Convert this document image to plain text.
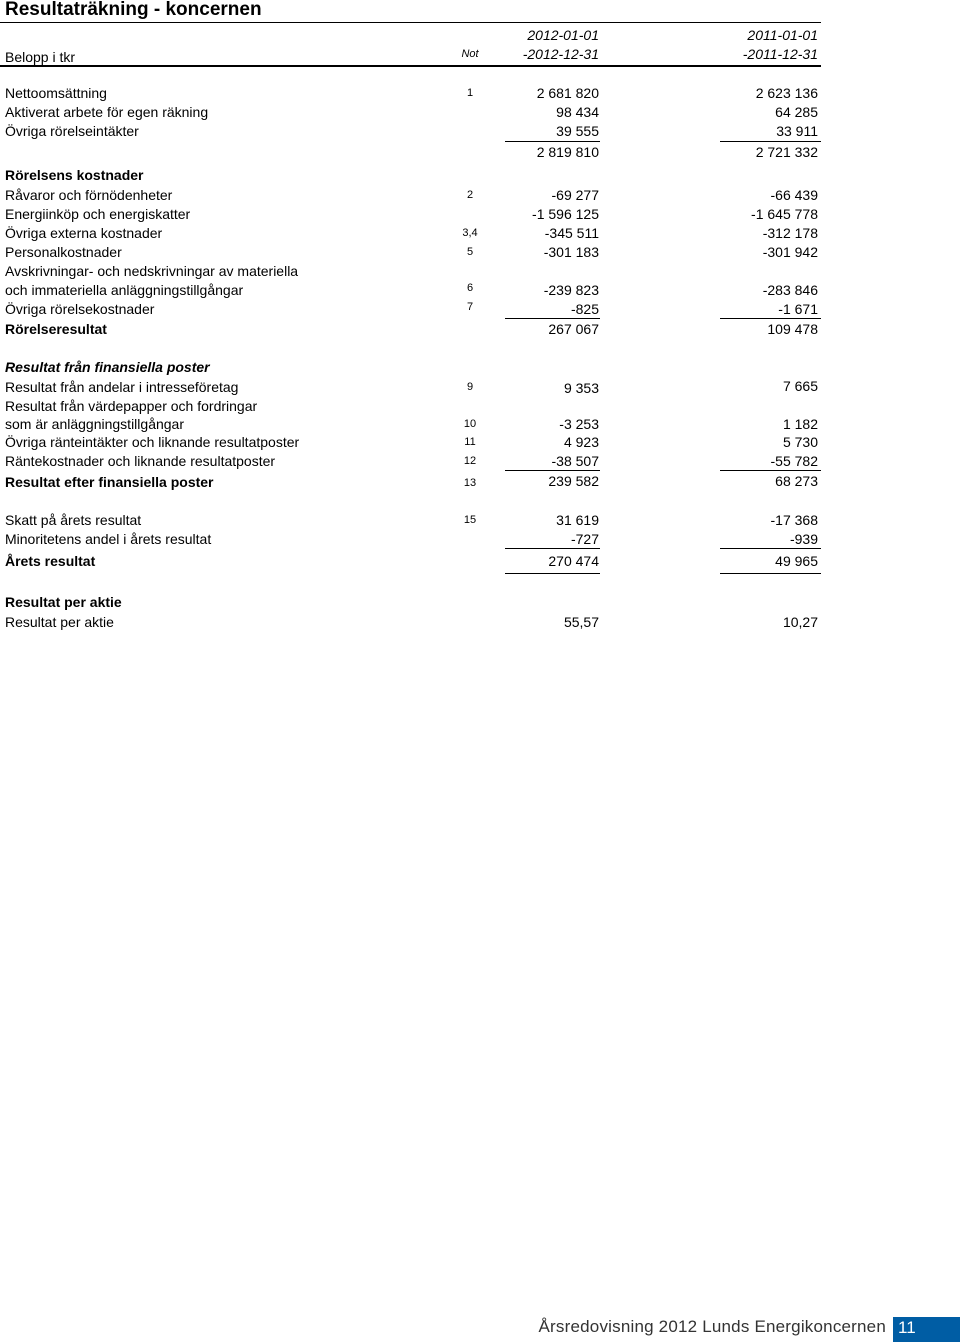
Resultaträkning - koncernen
2012-01-01	2011-01-01
Belopp i tkr	Not	-2012-12-31	-2011-12-31
Nettoomsättning	1	2 681 820	2 623 136
Aktiverat arbete för egen räkning	98 434	64 285
Övriga rörelseintäkter	39 555	33 911
2 819 810	2 721 332
Rörelsens kostnader
Råvaror och förnödenheter	2	-69 277	-66 439
Energiinköp och energiskatter	-1 596 125	-1 645 778
Övriga externa kostnader	3,4	-345 511	-312 178
Personalkostnader	5	-301 183	-301 942
Avskrivningar- och nedskrivningar av materiella
och immateriella anläggningstillgångar	6	-239 823	-283 846
Övriga rörelsekostnader	7	-825	-1 671
Rörelseresultat	267 067	109 478
Resultat från finansiella poster
Resultat från andelar i intresseföretag	9	9 353	7 665
Resultat från värdepapper och fordringar
som är anläggningstillgångar	10	-3 253	1 182
Övriga ränteintäkter och liknande resultatposter	11	4 923	5 730
Räntekostnader och liknande resultatposter	12	-38 507	-55 782
Resultat efter finansiella poster	13	239 582	68 273
Skatt på årets resultat	15	31 619	-17 368
Minoritetens andel i årets resultat	-727	-939
Årets resultat	270 474	49 965
Resultat per aktie
Resultat per aktie	55,57	10,27
Årsredovisning 2012 Lunds Energikoncernen 11
